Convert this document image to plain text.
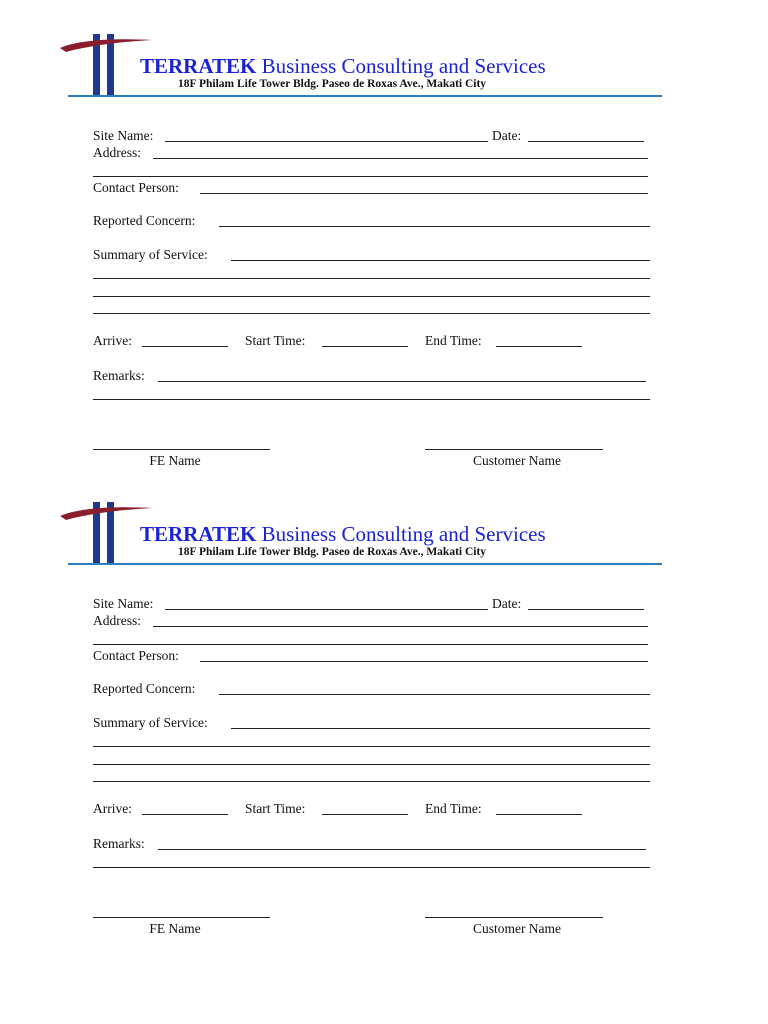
TERRATEK Business Consulting and Services
18F Philam Life Tower Bldg. Paseo de Roxas Ave., Makati City
Site Name:	Date:
Address:
Contact Person:
Reported Concern:
Summary of Service:
Arrive:	Start Time:	End Time:
Remarks:
FE Name	Customer Name
TERRATEK Business Consulting and Services
18F Philam Life Tower Bldg. Paseo de Roxas Ave., Makati City
Site Name:	Date:
Address:
Contact Person:
Reported Concern:
Summary of Service:
Arrive:	Start Time:	End Time:
Remarks:
FE Name	Customer Name
